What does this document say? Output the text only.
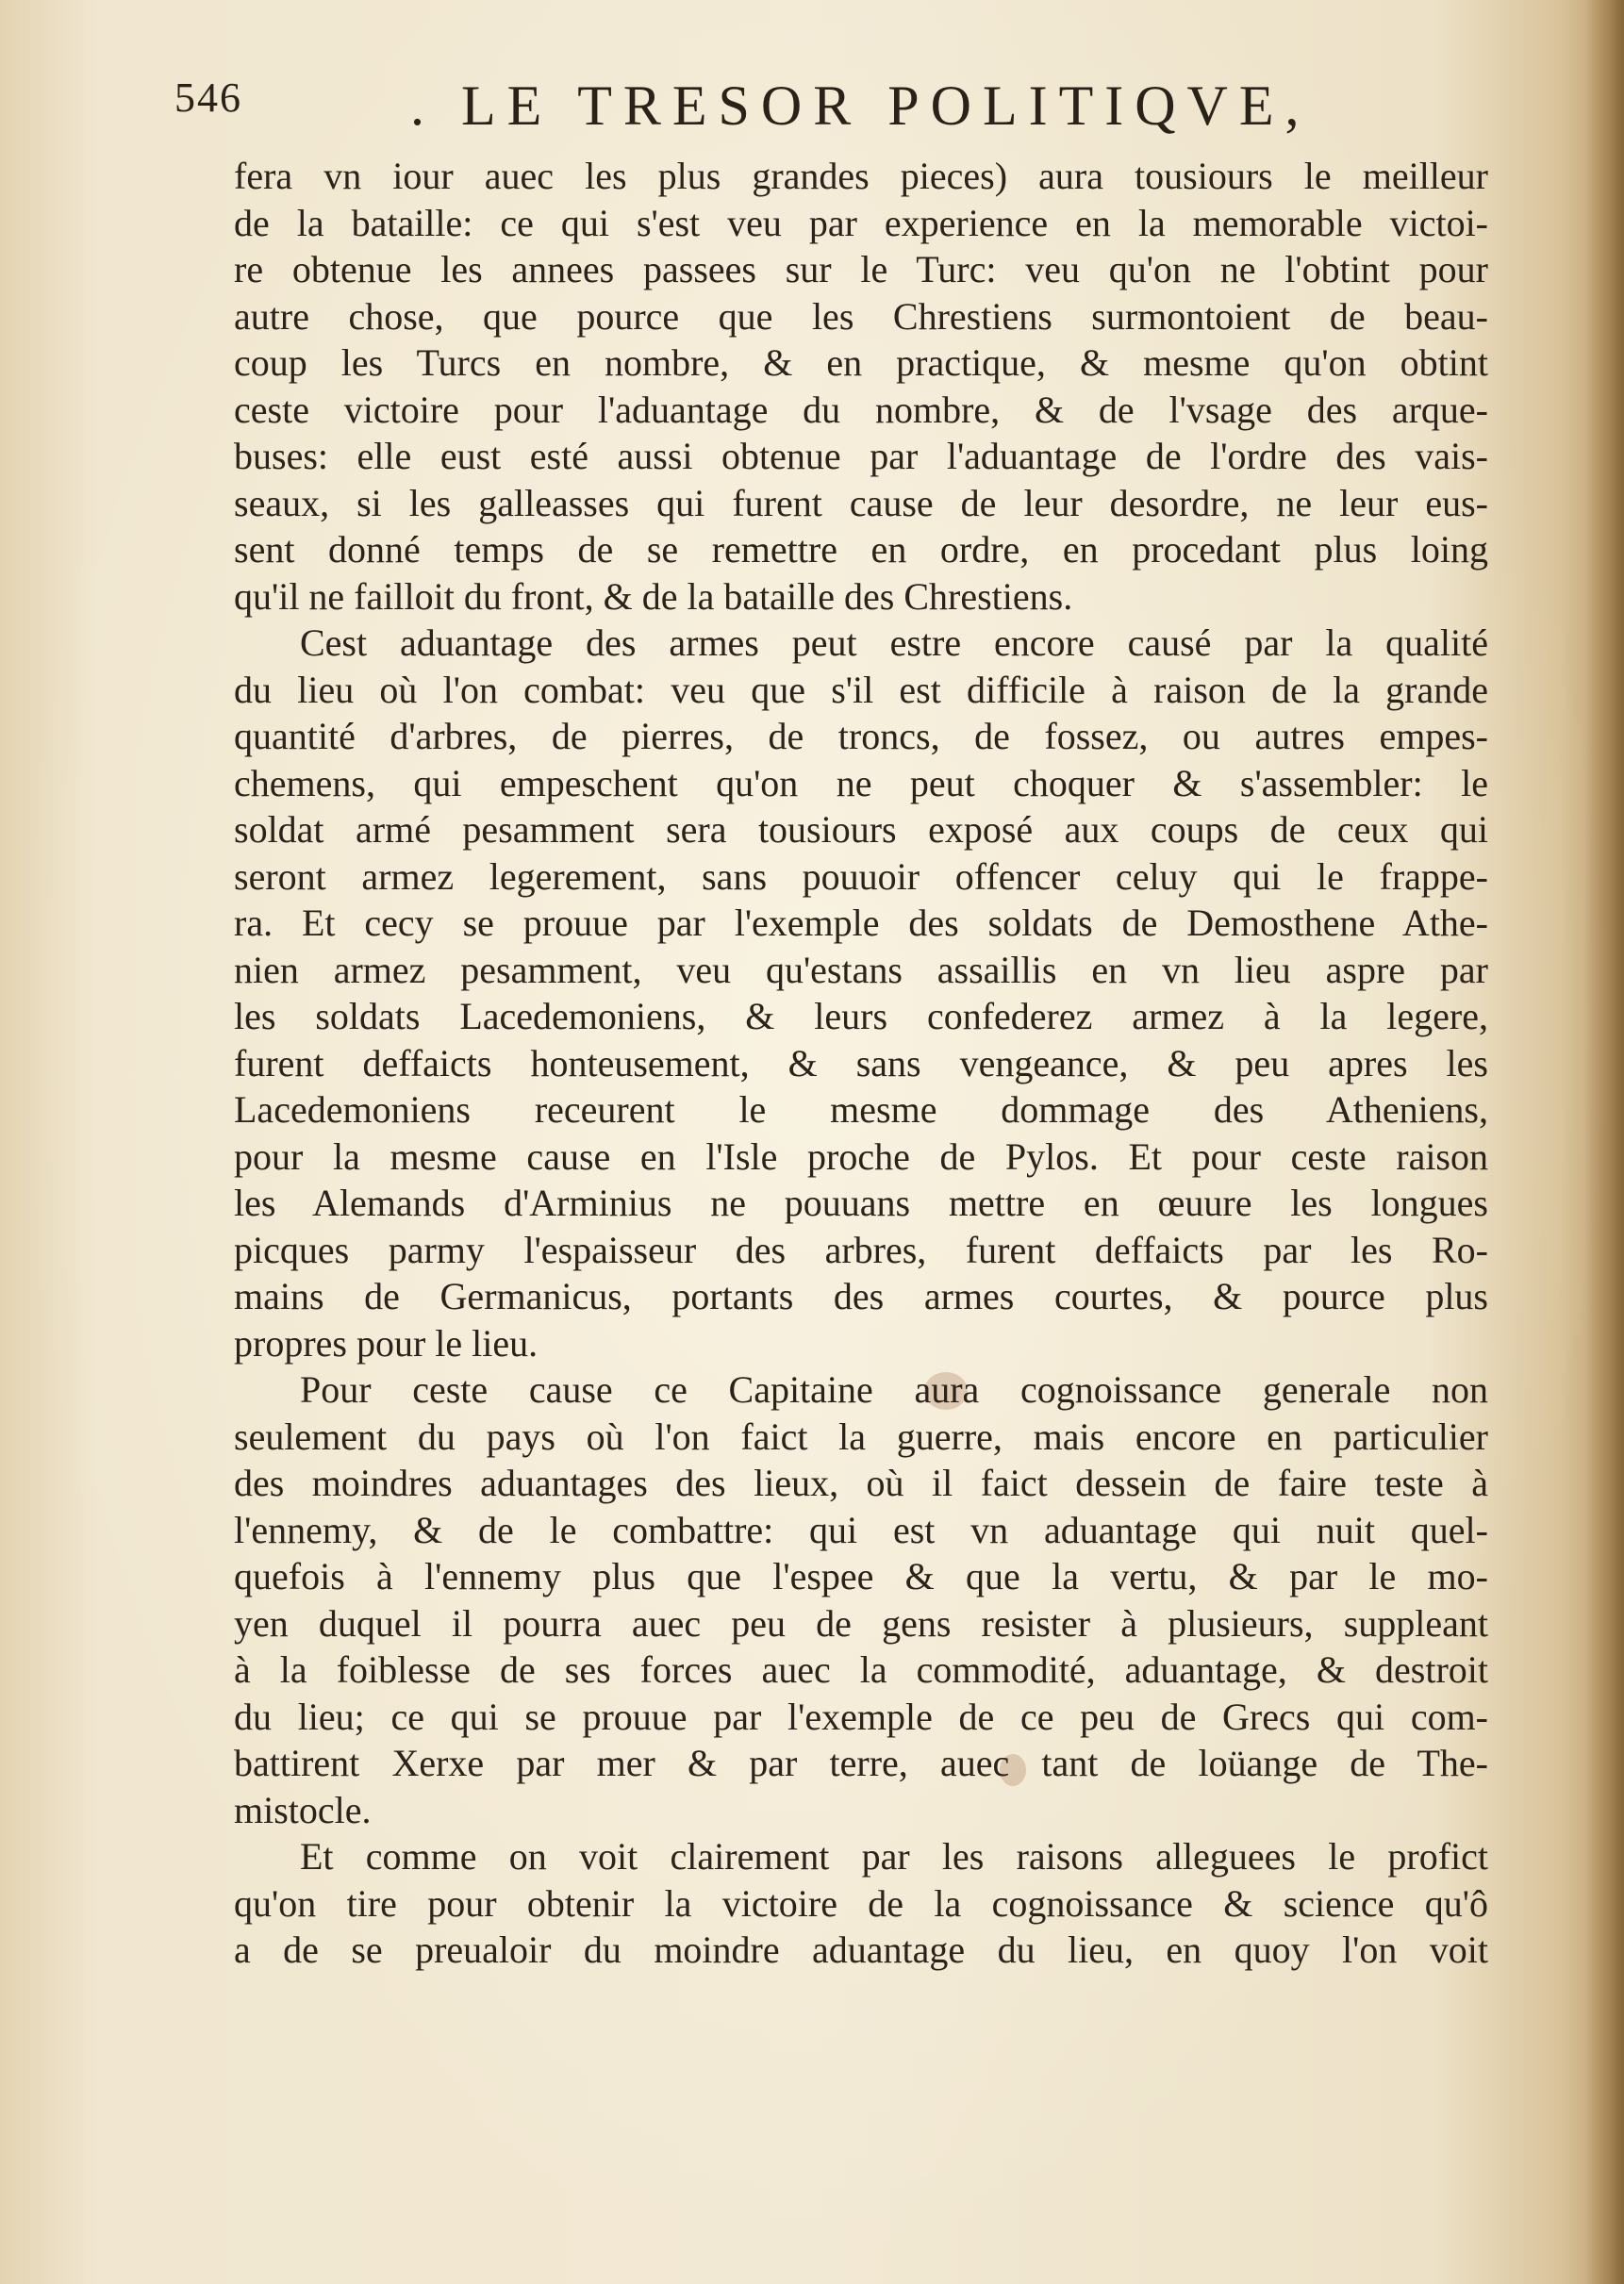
546	. LE TRESOR POLITIQVE,
fera vn iour auec les plus grandes pieces) aura tousiours le meilleur
de la bataille: ce qui s'est veu par experience en la memorable victoi-
re obtenue les annees passees sur le Turc: veu qu'on ne l'obtint pour
autre chose, que pource que les Chrestiens surmontoient de beau-
coup les Turcs en nombre, & en practique, & mesme qu'on obtint
ceste victoire pour l'aduantage du nombre, & de l'vsage des arque-
buses: elle eust esté aussi obtenue par l'aduantage de l'ordre des vais-
seaux, si les galleasses qui furent cause de leur desordre, ne leur eus-
sent donné temps de se remettre en ordre, en procedant plus loing
qu'il ne failloit du front, & de la bataille des Chrestiens.
Cest aduantage des armes peut estre encore causé par la qualité
du lieu où l'on combat: veu que s'il est difficile à raison de la grande
quantité d'arbres, de pierres, de troncs, de fossez, ou autres empes-
chemens, qui empeschent qu'on ne peut choquer & s'assembler: le
soldat armé pesamment sera tousiours exposé aux coups de ceux qui
seront armez legerement, sans pouuoir offencer celuy qui le frappe-
ra. Et cecy se prouue par l'exemple des soldats de Demosthene Athe-
nien armez pesamment, veu qu'estans assaillis en vn lieu aspre par
les soldats Lacedemoniens, & leurs confederez armez à la legere,
furent deffaicts honteusement, & sans vengeance, & peu apres les
Lacedemoniens receurent le mesme dommage des Atheniens,
pour la mesme cause en l'Isle proche de Pylos. Et pour ceste raison
les Alemands d'Arminius ne pouuans mettre en œuure les longues
picques parmy l'espaisseur des arbres, furent deffaicts par les Ro-
mains de Germanicus, portants des armes courtes, & pource plus
propres pour le lieu.
Pour ceste cause ce Capitaine aura cognoissance generale non
seulement du pays où l'on faict la guerre, mais encore en particulier
des moindres aduantages des lieux, où il faict dessein de faire teste à
l'ennemy, & de le combattre: qui est vn aduantage qui nuit quel-
quefois à l'ennemy plus que l'espee & que la vertu, & par le mo-
yen duquel il pourra auec peu de gens resister à plusieurs, suppleant
à la foiblesse de ses forces auec la commodité, aduantage, & destroit
du lieu; ce qui se prouue par l'exemple de ce peu de Grecs qui com-
battirent Xerxe par mer & par terre, auec tant de loüange de The-
mistocle.
Et comme on voit clairement par les raisons alleguees le profict
qu'on tire pour obtenir la victoire de la cognoissance & science qu'ô
a de se preualoir du moindre aduantage du lieu, en quoy l'on voit
